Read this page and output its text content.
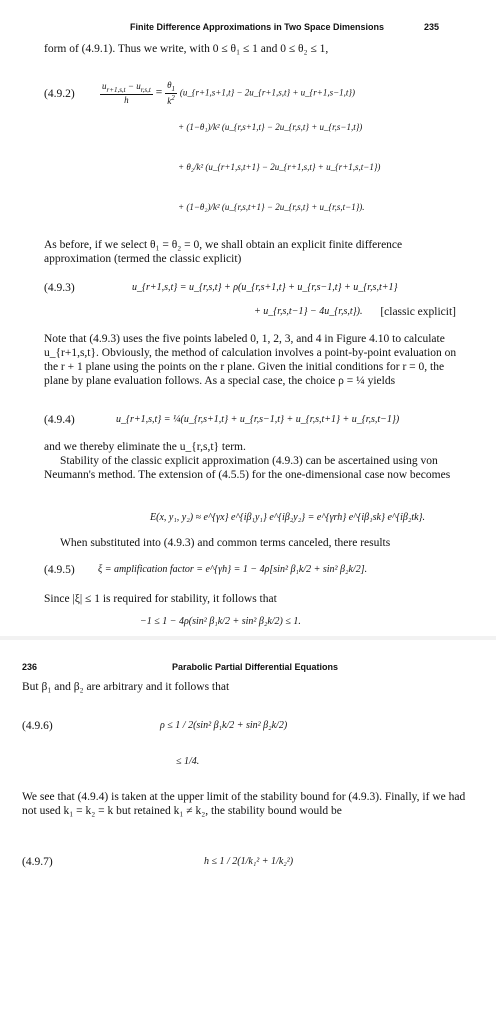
Finite Difference Approximations in Two Space Dimensions	235
form of (4.9.1). Thus we write, with 0 ≤ θ₁ ≤ 1 and 0 ≤ θ₂ ≤ 1,
(4.9.2)	$\frac{u_{r+1,s,t} - u_{r,s,t}}{h} = \frac{\theta_1}{k^2}$ (u_{r+1,s+1,t} − 2u_{r+1,s,t} + u_{r+1,s−1,t})
+ (1−θ₁)/k² (u_{r,s+1,t} − 2u_{r,s,t} + u_{r,s−1,t})
+ θ₂/k² (u_{r+1,s,t+1} − 2u_{r+1,s,t} + u_{r+1,s,t−1})
+ (1−θ₂)/k² (u_{r,s,t+1} − 2u_{r,s,t} + u_{r,s,t−1}).
As before, if we select θ₁ = θ₂ = 0, we shall obtain an explicit finite difference approximation (termed the classic explicit)
(4.9.3)	u_{r+1,s,t} = u_{r,s,t} + ρ(u_{r,s+1,t} + u_{r,s−1,t} + u_{r,s,t+1}
+ u_{r,s,t−1} − 4u_{r,s,t}). [classic explicit]
Note that (4.9.3) uses the five points labeled 0, 1, 2, 3, and 4 in Figure 4.10 to calculate u_{r+1,s,t}. Obviously, the method of calculation involves a point-by-point evaluation on the r + 1 plane using the points on the r plane. Given the initial conditions for r = 0, the plane by plane evaluation follows. As a special case, the choice ρ = ¼ yields
(4.9.4)	u_{r+1,s,t} = ¼(u_{r,s+1,t} + u_{r,s−1,t} + u_{r,s,t+1} + u_{r,s,t−1})
and we thereby eliminate the u_{r,s,t} term.
Stability of the classic explicit approximation (4.9.3) can be ascertained using von Neumann's method. The extension of (4.5.5) for the one-dimensional case now becomes
E(x, y₁, y₂) ≈ e^{γx} e^{iβ₁y₁} e^{iβ₂y₂} = e^{γrh} e^{iβ₁sk} e^{iβ₂tk}.
When substituted into (4.9.3) and common terms canceled, there results
(4.9.5) ξ = amplification factor = e^{γh} = 1 − 4ρ[sin² β₁k/2 + sin² β₂k/2].
Since |ξ| ≤ 1 is required for stability, it follows that
−1 ≤ 1 − 4ρ(sin² β₁k/2 + sin² β₂k/2) ≤ 1.
236	Parabolic Partial Differential Equations
But β₁ and β₂ are arbitrary and it follows that
(4.9.6)	ρ ≤ 1 / 2(sin² β₁k/2 + sin² β₂k/2)
≤ 1/4.
We see that (4.9.4) is taken at the upper limit of the stability bound for (4.9.3). Finally, if we had not used k₁ = k₂ = k but retained k₁ ≠ k₂, the stability bound would be
(4.9.7)	h ≤ 1 / 2(1/k₁² + 1/k₂²)
